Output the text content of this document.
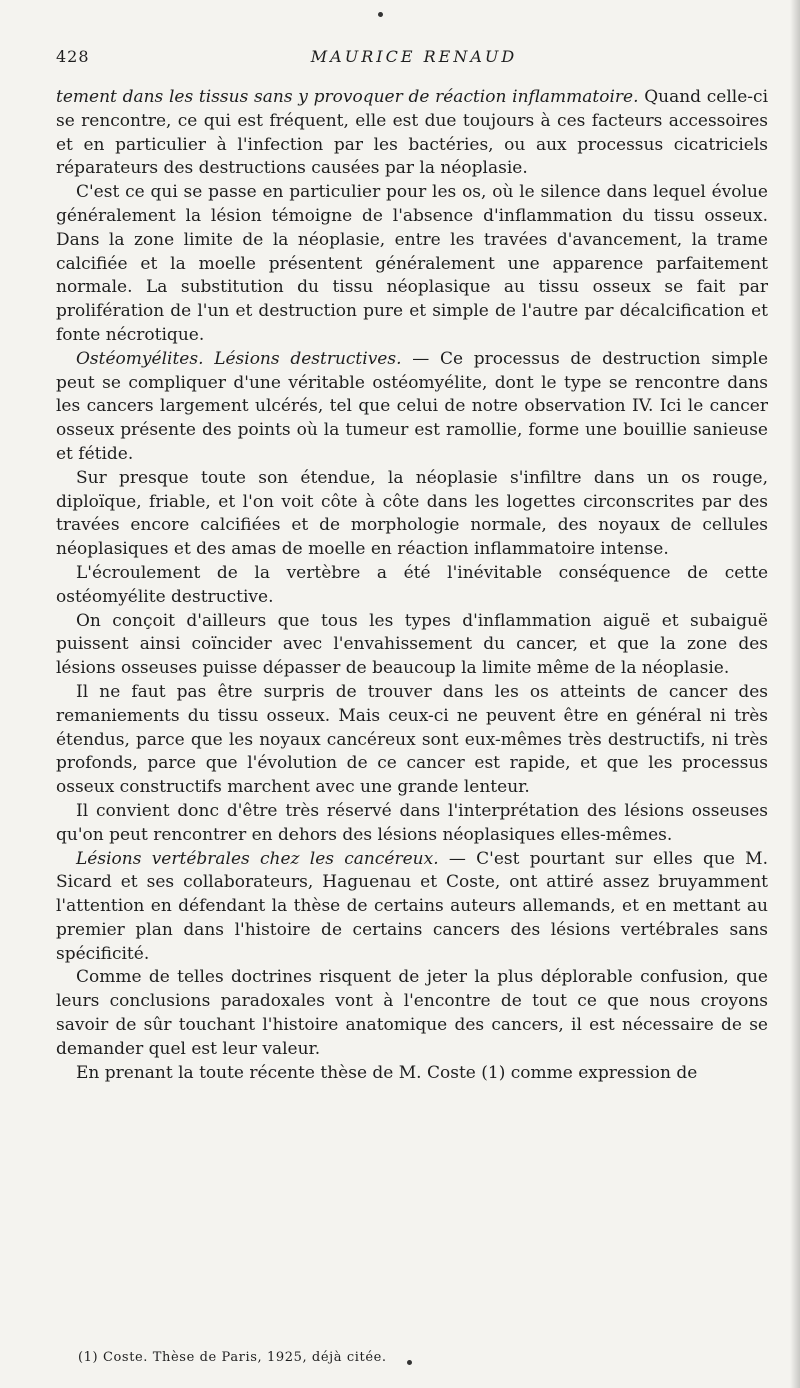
428	MAURICE RENAUD

tement dans les tissus sans y provoquer de réaction inflammatoire. Quand celle-ci se rencontre, ce qui est fréquent, elle est due toujours à ces facteurs accessoires et en particulier à l'infection par les bactéries, ou aux processus cicatriciels réparateurs des destructions causées par la néoplasie.

C'est ce qui se passe en particulier pour les os, où le silence dans lequel évolue généralement la lésion témoigne de l'absence d'inflammation du tissu osseux. Dans la zone limite de la néoplasie, entre les travées d'avancement, la trame calcifiée et la moelle présentent généralement une apparence parfaitement normale. La substitution du tissu néoplasique au tissu osseux se fait par prolifération de l'un et destruction pure et simple de l'autre par décalcification et fonte nécrotique.

Ostéomyélites. Lésions destructives. — Ce processus de destruction simple peut se compliquer d'une véritable ostéomyélite, dont le type se rencontre dans les cancers largement ulcérés, tel que celui de notre observation IV. Ici le cancer osseux présente des points où la tumeur est ramollie, forme une bouillie sanieuse et fétide.

Sur presque toute son étendue, la néoplasie s'infiltre dans un os rouge, diploïque, friable, et l'on voit côte à côte dans les logettes circonscrites par des travées encore calcifiées et de morphologie normale, des noyaux de cellules néoplasiques et des amas de moelle en réaction inflammatoire intense.

L'écroulement de la vertèbre a été l'inévitable conséquence de cette ostéomyélite destructive.

On conçoit d'ailleurs que tous les types d'inflammation aiguë et subaiguë puissent ainsi coïncider avec l'envahissement du cancer, et que la zone des lésions osseuses puisse dépasser de beaucoup la limite même de la néoplasie.

Il ne faut pas être surpris de trouver dans les os atteints de cancer des remaniements du tissu osseux. Mais ceux-ci ne peuvent être en général ni très étendus, parce que les noyaux cancéreux sont eux-mêmes très destructifs, ni très profonds, parce que l'évolution de ce cancer est rapide, et que les processus osseux constructifs marchent avec une grande lenteur.

Il convient donc d'être très réservé dans l'interprétation des lésions osseuses qu'on peut rencontrer en dehors des lésions néoplasiques elles-mêmes.

Lésions vertébrales chez les cancéreux. — C'est pourtant sur elles que M. Sicard et ses collaborateurs, Haguenau et Coste, ont attiré assez bruyamment l'attention en défendant la thèse de certains auteurs allemands, et en mettant au premier plan dans l'histoire de certains cancers des lésions vertébrales sans spécificité.

Comme de telles doctrines risquent de jeter la plus déplorable confusion, que leurs conclusions paradoxales vont à l'encontre de tout ce que nous croyons savoir de sûr touchant l'histoire anatomique des cancers, il est nécessaire de se demander quel est leur valeur.

En prenant la toute récente thèse de M. Coste (1) comme expression de

(1) Coste. Thèse de Paris, 1925, déjà citée.
